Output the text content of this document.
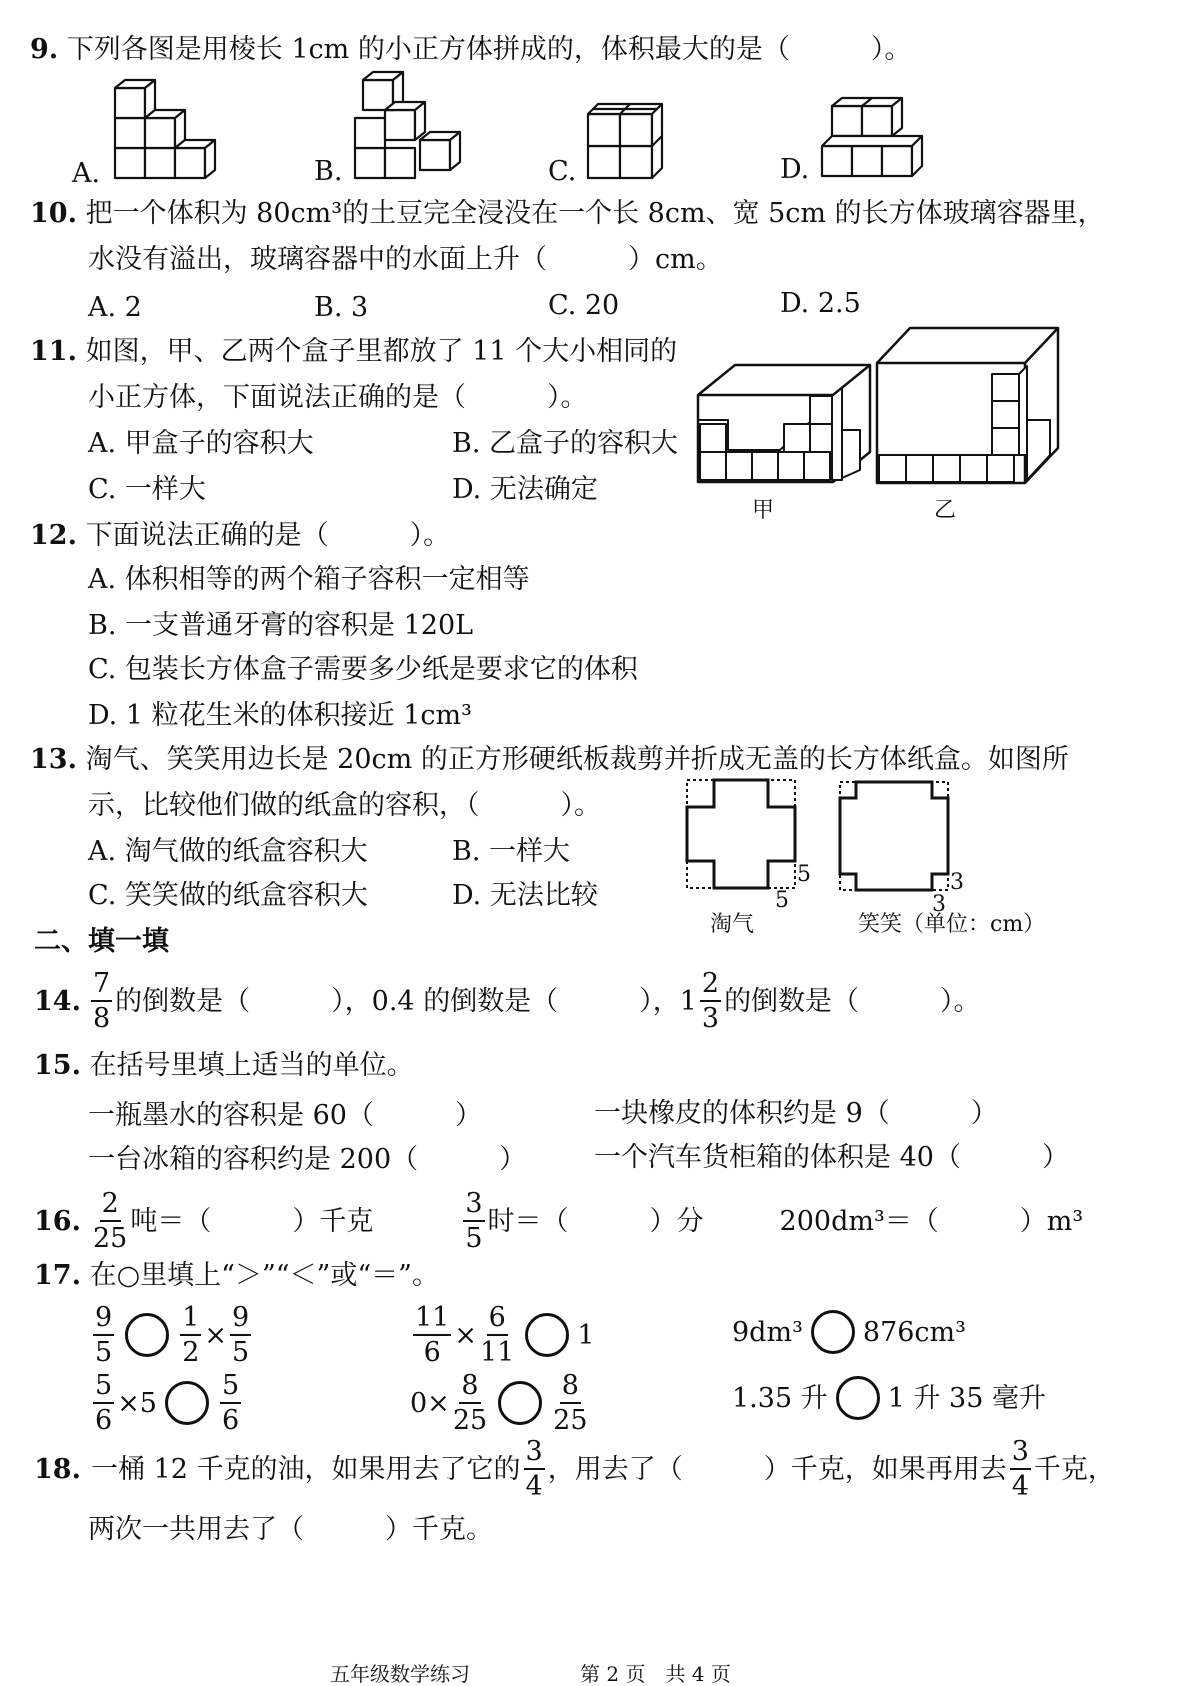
9. 下列各图是用棱长 1cm 的小正方体拼成的，体积最大的是（　　　）。
A.	B.	C.	D.
10. 把一个体积为 80cm³的土豆完全浸没在一个长 8cm、宽 5cm 的长方体玻璃容器里，
水没有溢出，玻璃容器中的水面上升（　　　）cm。
A. 2	B. 3	C. 20	D. 2.5
11. 如图，甲、乙两个盒子里都放了 11 个大小相同的
小正方体，下面说法正确的是（　　　）。
A. 甲盒子的容积大	B. 乙盒子的容积大
C. 一样大	D. 无法确定
甲	乙
12. 下面说法正确的是（　　　）。
A. 体积相等的两个箱子容积一定相等
B. 一支普通牙膏的容积是 120L
C. 包装长方体盒子需要多少纸是要求它的体积
D. 1 粒花生米的体积接近 1cm³
13. 淘气、笑笑用边长是 20cm 的正方形硬纸板裁剪并折成无盖的长方体纸盒。如图所
示，比较他们做的纸盒的容积，（　　　）。
A. 淘气做的纸盒容积大	B. 一样大
C. 笑笑做的纸盒容积大	D. 无法比较
5
5
3
3
淘气	笑笑（单位：cm）
二、填一填
14. $\frac{7}{8}$ 的倒数是（　　　），0.4 的倒数是（　　　），$1 \frac{2}{3}$ 的倒数是（　　　）。
15. 在括号里填上适当的单位。
一瓶墨水的容积是 60（　　　）	一块橡皮的体积约是 9（　　　）
一台冰箱的容积约是 200（　　　）	一个汽车货柜箱的体积是 40（　　　）
16. $\frac{2}{25}$ 吨＝（　　　）千克	$\frac{3}{5}$ 时＝（　　　）分	200dm³＝（　　　）m³
17. 在○里填上“＞”“＜”或“＝”。
$\frac{9}{5} \frac{1}{2} \times \frac{9}{5}$	$\frac{11}{6} \times \frac{6}{11} 1$	9dm³ 876cm³
$\frac{5}{6} \times 5 \frac{5}{6}$	$0\times \frac{8}{25} \frac{8}{25}$	1.35 升 1 升 35 毫升
18. 一桶 12 千克的油，如果用去了它的 $\frac{3}{4}$ ，用去了（　　　）千克，如果再用去 $\frac{3}{4}$ 千克，
两次一共用去了（　　　）千克。
五年级数学练习	第 2 页　共 4 页
